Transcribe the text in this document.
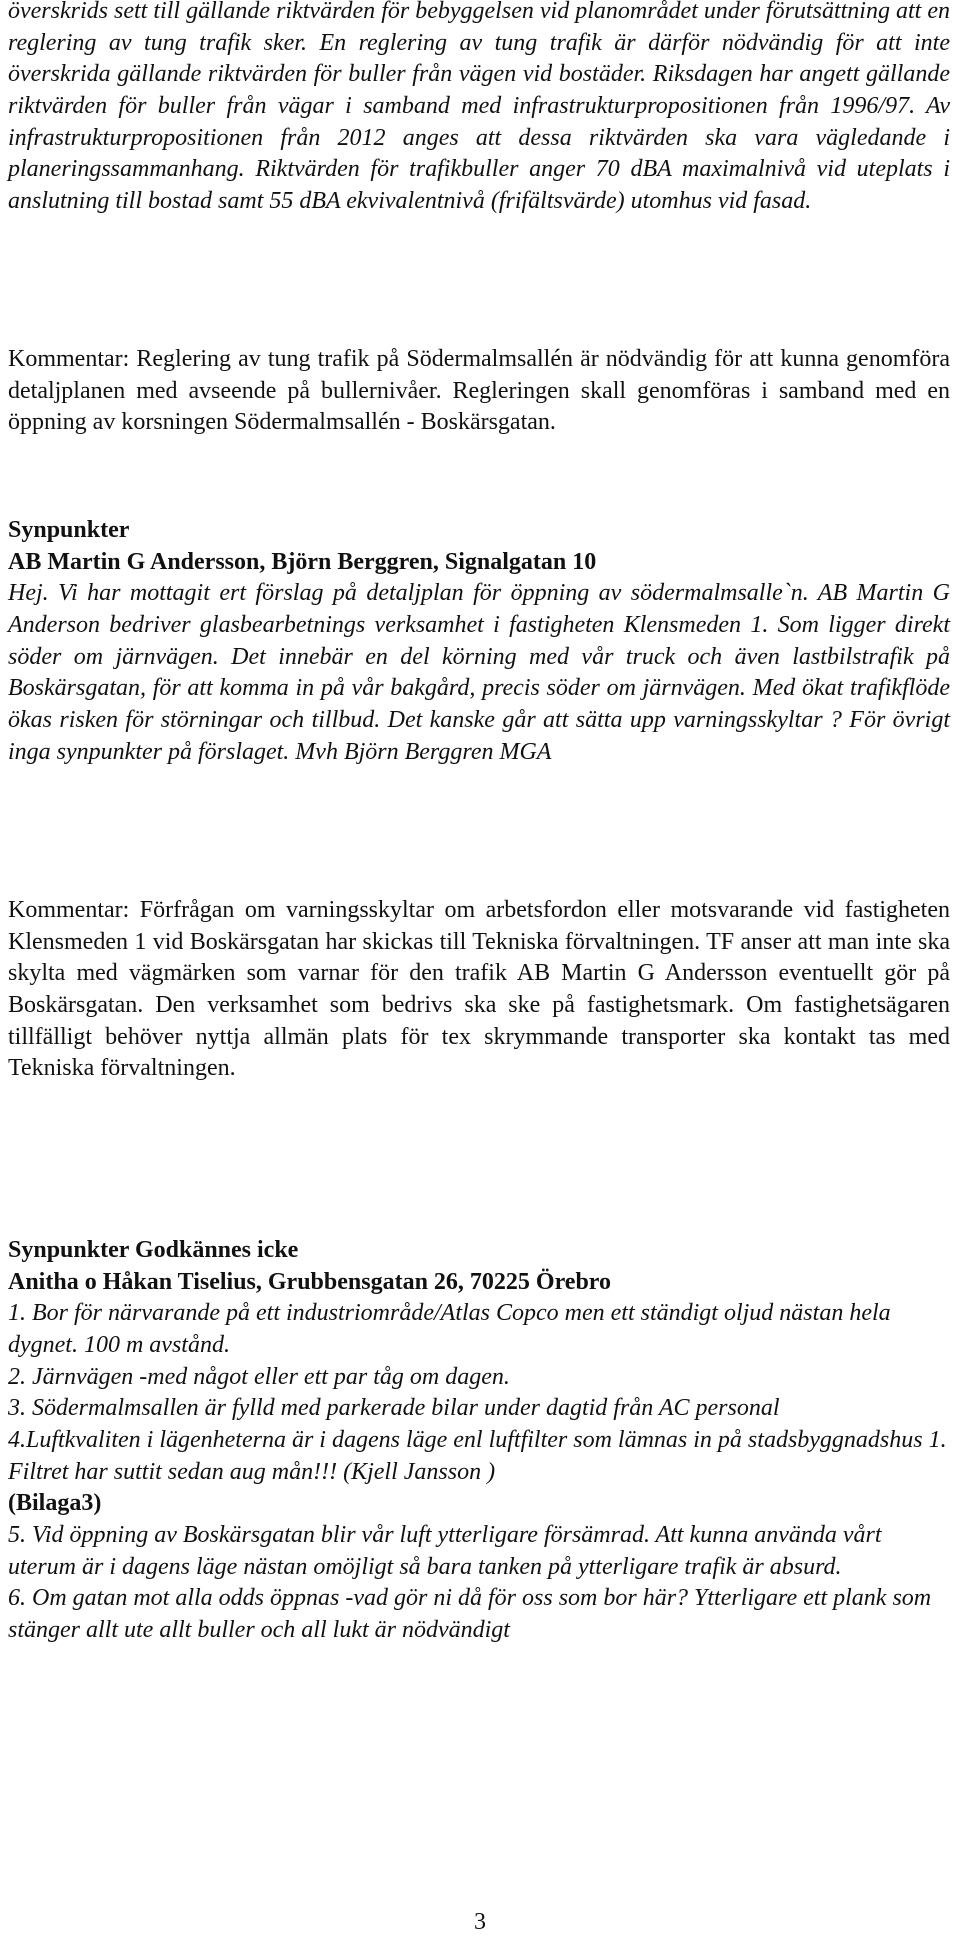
överskrids sett till gällande riktvärden för bebyggelsen vid planområdet under förutsättning att en reglering av tung trafik sker. En reglering av tung trafik är därför nödvändig för att inte överskrida gällande riktvärden för buller från vägen vid bostäder. Riksdagen har angett gällande riktvärden för buller från vägar i samband med infrastrukturpropositionen från 1996/97. Av infrastrukturpropositionen från 2012 anges att dessa riktvärden ska vara vägledande i planeringssammanhang. Riktvärden för trafikbuller anger 70 dBA maximalnivå vid uteplats i anslutning till bostad samt 55 dBA ekvivalentnivå (frifältsvärde) utomhus vid fasad.

Kommentar: Reglering av tung trafik på Södermalmsallén är nödvändig för att kunna genomföra detaljplanen med avseende på bullernivåer. Regleringen skall genomföras i samband med en öppning av korsningen Södermalmsallén - Boskärsgatan.

Synpunkter

AB Martin G Andersson, Björn Berggren, Signalgatan 10

Hej. Vi har mottagit ert förslag på detaljplan för öppning av södermalmsalle`n. AB Martin G Anderson bedriver glasbearbetnings verksamhet i fastigheten Klensmeden 1. Som ligger direkt söder om järnvägen. Det innebär en del körning med vår truck och även lastbilstrafik på Boskärsgatan, för att komma in på vår bakgård, precis söder om järnvägen. Med ökat trafikflöde ökas risken för störningar och tillbud. Det kanske går att sätta upp varningsskyltar ? För övrigt inga synpunkter på förslaget. Mvh Björn Berggren MGA

Kommentar: Förfrågan om varningsskyltar om arbetsfordon eller motsvarande vid fastigheten Klensmeden 1 vid Boskärsgatan har skickas till Tekniska förvaltningen. TF anser att man inte ska skylta med vägmärken som varnar för den trafik AB Martin G Andersson eventuellt gör på Boskärsgatan. Den verksamhet som bedrivs ska ske på fastighetsmark. Om fastighetsägaren tillfälligt behöver nyttja allmän plats för tex skrymmande transporter ska kontakt tas med Tekniska förvaltningen.

Synpunkter Godkännes icke

Anitha o Håkan Tiselius, Grubbensgatan 26, 70225 Örebro

1. Bor för närvarande på ett industriområde/Atlas Copco men ett ständigt oljud nästan hela dygnet. 100 m avstånd.

2. Järnvägen -med något eller ett par tåg om dagen.

3. Södermalmsallen är fylld med parkerade bilar under dagtid från AC personal

4.Luftkvaliten i lägenheterna är i dagens läge enl luftfilter som lämnas in på stadsbyggnadshus 1. Filtret har suttit sedan aug mån!!! (Kjell Jansson )
(Bilaga3)

5. Vid öppning av Boskärsgatan blir vår luft ytterligare försämrad. Att kunna använda vårt uterum är i dagens läge nästan omöjligt så bara tanken på ytterligare trafik är absurd.

6. Om gatan mot alla odds öppnas -vad gör ni då för oss som bor här? Ytterligare ett plank som stänger allt ute allt buller och all lukt är nödvändigt

3
